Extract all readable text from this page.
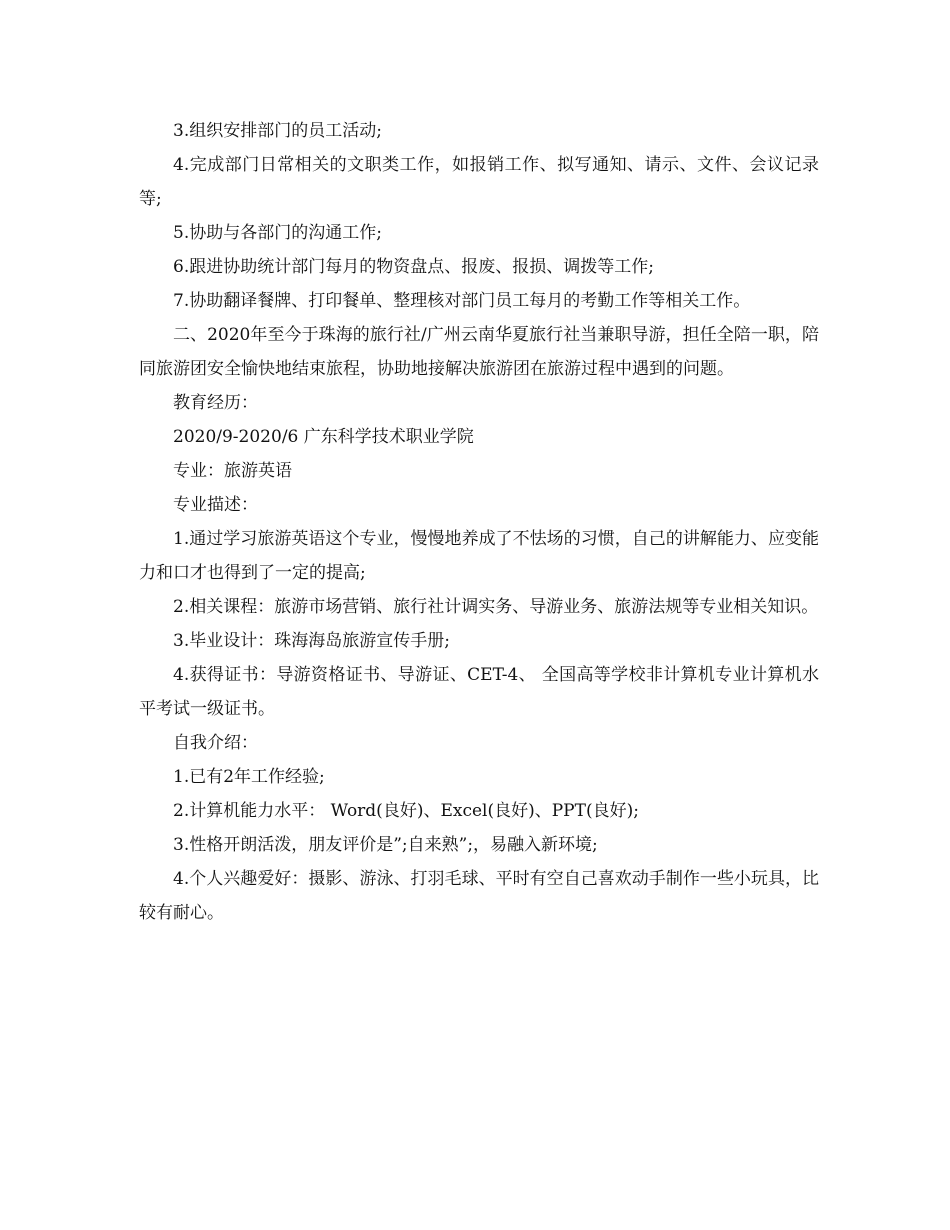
3.组织安排部门的员工活动;

4.完成部门日常相关的文职类工作，如报销工作、拟写通知、请示、文件、会议记录等;

5.协助与各部门的沟通工作;

6.跟进协助统计部门每月的物资盘点、报废、报损、调拨等工作;

7.协助翻译餐牌、打印餐单、整理核对部门员工每月的考勤工作等相关工作。

二、2020年至今于珠海的旅行社/广州云南华夏旅行社当兼职导游，担任全陪一职，陪同旅游团安全愉快地结束旅程，协助地接解决旅游团在旅游过程中遇到的问题。

教育经历：

2020/9-2020/6 广东科学技术职业学院

专业：旅游英语

专业描述：

1.通过学习旅游英语这个专业，慢慢地养成了不怯场的习惯，自己的讲解能力、应变能力和口才也得到了一定的提高;

2.相关课程：旅游市场营销、旅行社计调实务、导游业务、旅游法规等专业相关知识。

3.毕业设计：珠海海岛旅游宣传手册;

4.获得证书：导游资格证书、导游证、CET-4、 全国高等学校非计算机专业计算机水平考试一级证书。

自我介绍：

1.已有2年工作经验;

2.计算机能力水平： Word(良好)、Excel(良好)、PPT(良好);

3.性格开朗活泼，朋友评价是”;自来熟”;，易融入新环境;

4.个人兴趣爱好：摄影、游泳、打羽毛球、平时有空自己喜欢动手制作一些小玩具，比较有耐心。
